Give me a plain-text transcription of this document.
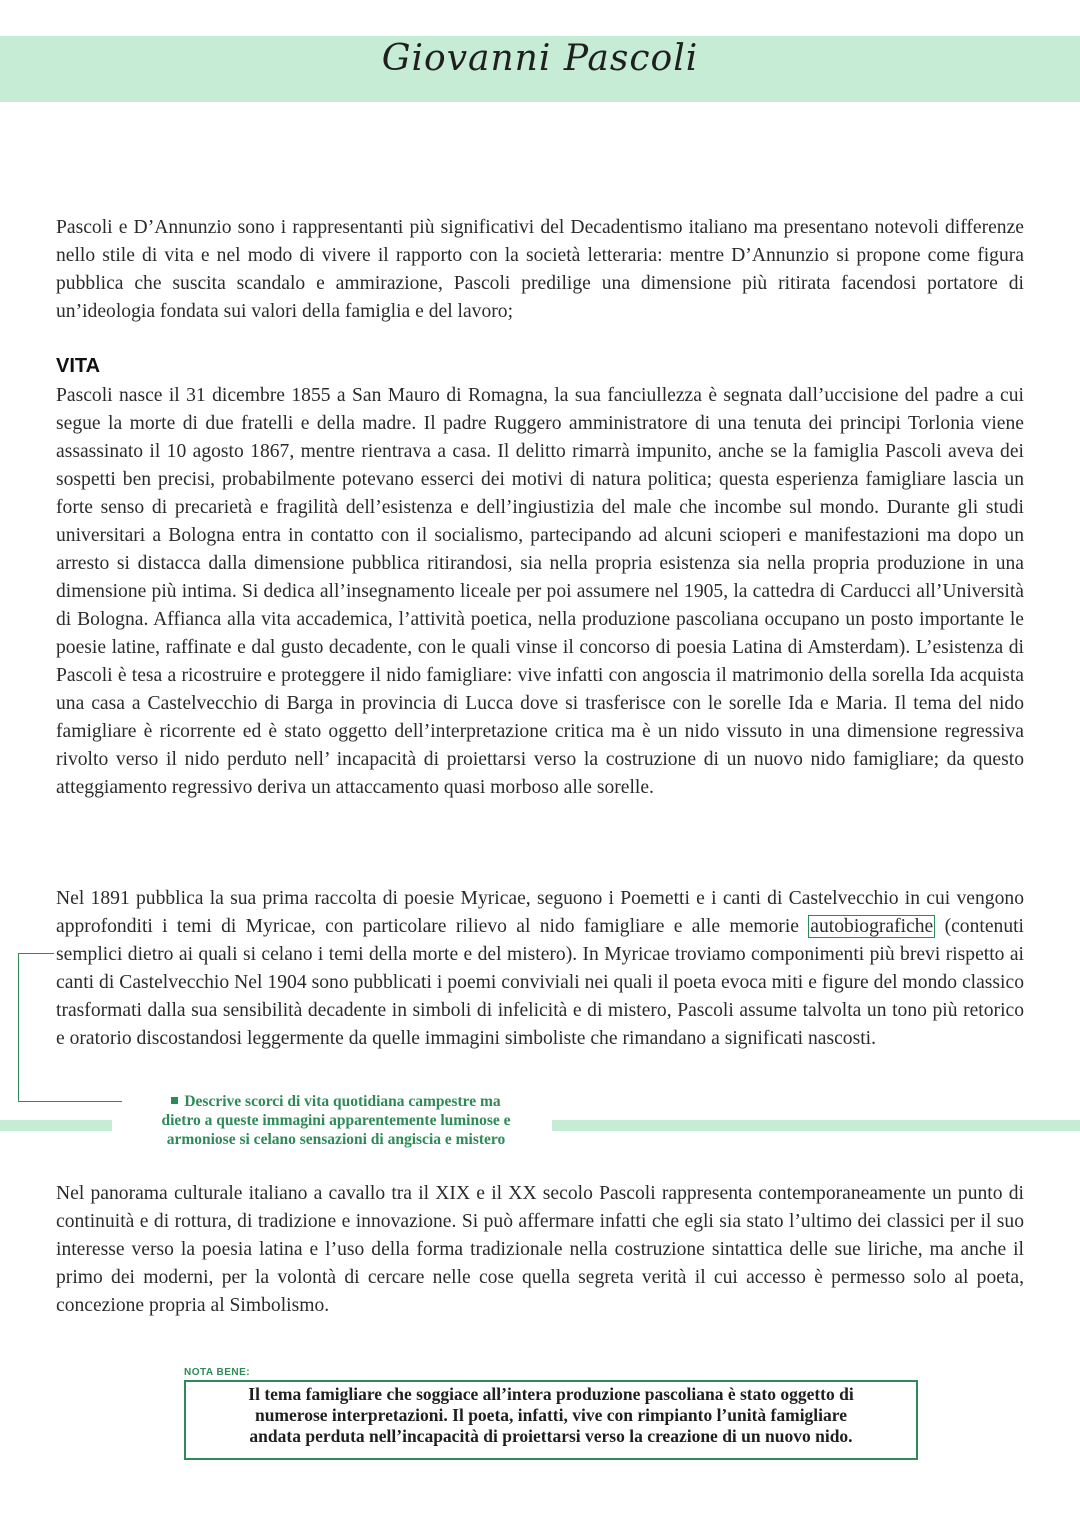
Giovanni Pascoli

Pascoli e D’Annunzio sono i rappresentanti più significativi del Decadentismo italiano ma presentano notevoli differenze nello stile di vita e nel modo di vivere il rapporto con la società letteraria: mentre D’Annunzio si propone come figura pubblica che suscita scandalo e ammirazione, Pascoli predilige una dimensione più ritirata facendosi portatore di un’ideologia fondata sui valori della famiglia e del lavoro;

VITA

Pascoli nasce il 31 dicembre 1855 a San Mauro di Romagna, la sua fanciullezza è segnata dall’uccisione del padre a cui segue la morte di due fratelli e della madre. Il padre Ruggero amministratore di una tenuta dei principi Torlonia viene assassinato il 10 agosto 1867, mentre rientrava a casa. Il delitto rimarrà impunito, anche se la famiglia Pascoli aveva dei sospetti ben precisi, probabilmente potevano esserci dei motivi di natura politica; questa esperienza famigliare lascia un forte senso di precarietà e fragilità dell’esistenza e dell’ingiustizia del male che incombe sul mondo. Durante gli studi universitari a Bologna entra in contatto con il socialismo, partecipando ad alcuni scioperi e manifestazioni ma dopo un arresto si distacca dalla dimensione pubblica ritirandosi, sia nella propria esistenza sia nella propria produzione in una dimensione più intima. Si dedica all’insegnamento liceale per poi assumere nel 1905, la cattedra di Carducci all’Università di Bologna. Affianca alla vita accademica, l’attività poetica, nella produzione pascoliana occupano un posto importante le poesie latine, raffinate e dal gusto decadente, con le quali vinse il concorso di poesia Latina di Amsterdam). L’esistenza di Pascoli è tesa a ricostruire e proteggere il nido famigliare: vive infatti con angoscia il matrimonio della sorella Ida acquista una casa a Castelvecchio di Barga in provincia di Lucca dove si trasferisce con le sorelle Ida e Maria. Il tema del nido famigliare è ricorrente ed è stato oggetto dell’interpretazione critica ma è un nido vissuto in una dimensione regressiva rivolto verso il nido perduto nell’ incapacità di proiettarsi verso la costruzione di un nuovo nido famigliare; da questo atteggiamento regressivo deriva un attaccamento quasi morboso alle sorelle.

Nel 1891 pubblica la sua prima raccolta di poesie Myricae, seguono i Poemetti e i canti di Castelvecchio in cui vengono approfonditi i temi di Myricae, con particolare rilievo al nido famigliare e alle memorie autobiografiche (contenuti semplici dietro ai quali si celano i temi della morte e del mistero). In Myricae troviamo componimenti più brevi rispetto ai canti di Castelvecchio Nel 1904 sono pubblicati i poemi conviviali nei quali il poeta evoca miti e figure del mondo classico trasformati dalla sua sensibilità decadente in simboli di infelicità e di mistero, Pascoli assume talvolta un tono più retorico e oratorio discostandosi leggermente da quelle immagini simboliste che rimandano a significati nascosti.

Descrive scorci di vita quotidiana campestre ma
dietro a queste immagini apparentemente luminose e
armoniose si celano sensazioni di angiscia e mistero

Nel panorama culturale italiano a cavallo tra il XIX e il XX secolo Pascoli rappresenta contemporaneamente un punto di continuità e di rottura, di tradizione e innovazione. Si può affermare infatti che egli sia stato l’ultimo dei classici per il suo interesse verso la poesia latina e l’uso della forma tradizionale nella costruzione sintattica delle sue liriche, ma anche il primo dei moderni, per la volontà di cercare nelle cose quella segreta verità il cui accesso è permesso solo al poeta, concezione propria al Simbolismo.

NOTA BENE:
Il tema famigliare che soggiace all’intera produzione pascoliana è stato oggetto di
numerose interpretazioni. Il poeta, infatti, vive con rimpianto l’unità famigliare
andata perduta nell’incapacità di proiettarsi verso la creazione di un nuovo nido.
